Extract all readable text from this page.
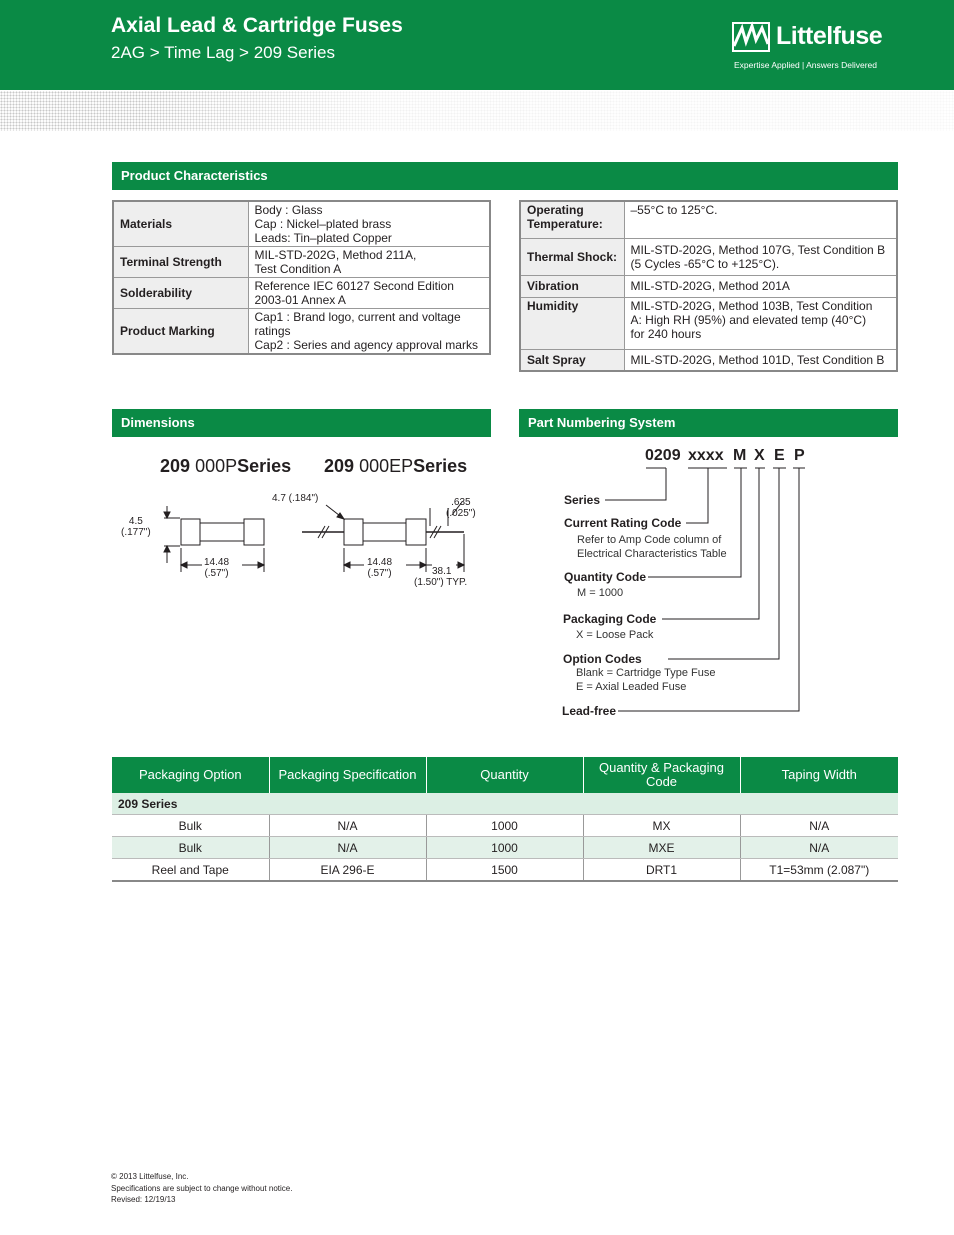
Axial Lead & Cartridge Fuses
2AG > Time Lag > 209 Series
Littelfuse
Expertise Applied | Answers Delivered
Product Characteristics
Materials	Body : Glass
Cap : Nickel–plated brass
Leads: Tin–plated Copper

Terminal Strength	MIL-STD-202G, Method 211A,
Test Condition A

Solderability	Reference IEC 60127 Second Edition
2003-01 Annex A

Product Marking	Cap1 : Brand logo, current and voltage
ratings
Cap2 : Series and agency approval marks
Operating Temperature:	–55°C to 125°C.

Thermal Shock:	MIL-STD-202G, Method 107G, Test Condition B
(5 Cycles -65°C to +125°C).

Vibration	MIL-STD-202G, Method 201A

Humidity	MIL-STD-202G, Method 103B, Test Condition
A: High RH (95%) and elevated temp (40°C)
for 240 hours

Salt Spray	MIL-STD-202G, Method 101D, Test Condition B
Dimensions
209 000PSeries 209 000EPSeries
4.5
(.177")
14.48
(.57")
4.7 (.184")	.635
(.025")
14.48
(.57")	38.1
(1.50") TYP.
Part Numbering System
0209 xxxx M X E P
Series
Current Rating Code
Refer to Amp Code column of
Electrical Characteristics Table
Quantity Code
M = 1000
Packaging Code
X = Loose Pack
Option Codes
Blank = Cartridge Type Fuse
E = Axial Leaded Fuse
Lead-free
Packaging Option	Packaging Specification	Quantity	Quantity & Packaging Code	Taping Width
209 Series				
Bulk	N/A	1000	MX	N/A
Bulk	N/A	1000	MXE	N/A
Reel and Tape	EIA 296-E	1500	DRT1	T1=53mm (2.087")
© 2013 Littelfuse, Inc.
Specifications are subject to change without notice.
Revised: 12/19/13
